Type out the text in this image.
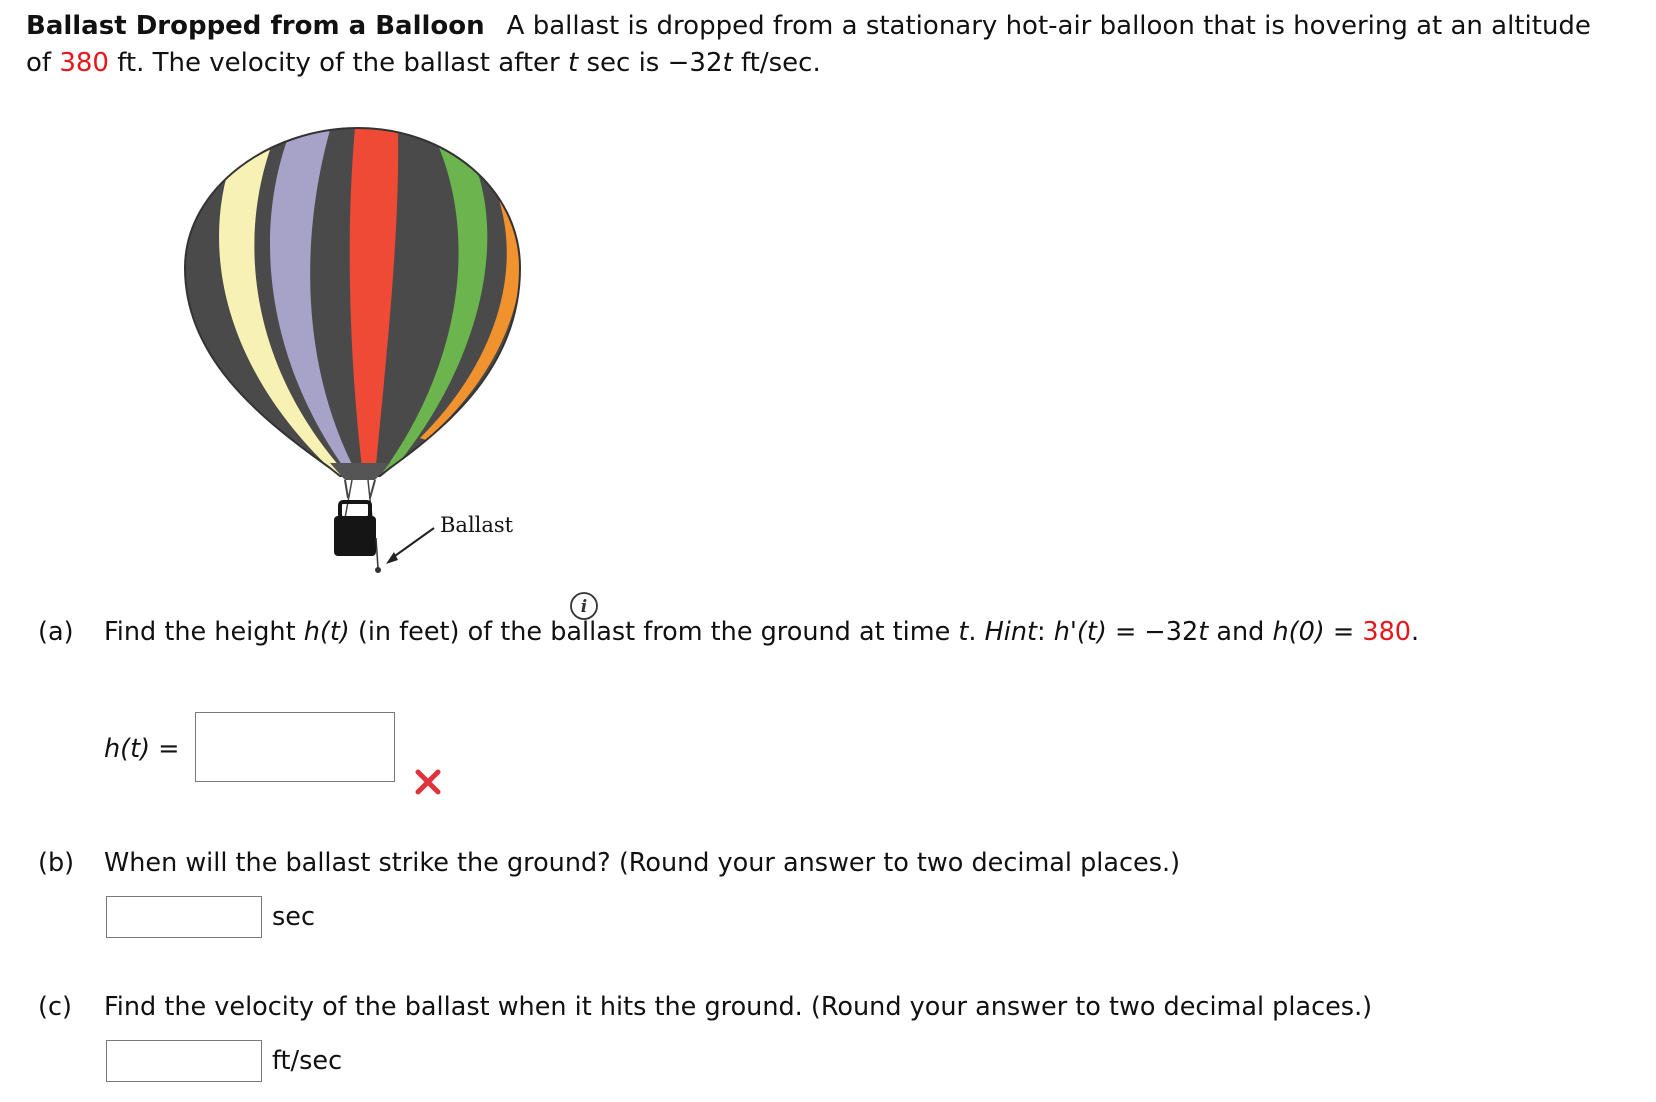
Ballast Dropped from a Balloon A ballast is dropped from a stationary hot-air balloon that is hovering at an altitude
of 380 ft. The velocity of the ballast after t sec is −32t ft/sec.
Ballast
i
(a) Find the height h(t) (in feet) of the ballast from the ground at time t. Hint: h'(t) = −32t and h(0) = 380.
h(t) =
(b) When will the ballast strike the ground? (Round your answer to two decimal places.)
sec
(c) Find the velocity of the ballast when it hits the ground. (Round your answer to two decimal places.)
ft/sec
